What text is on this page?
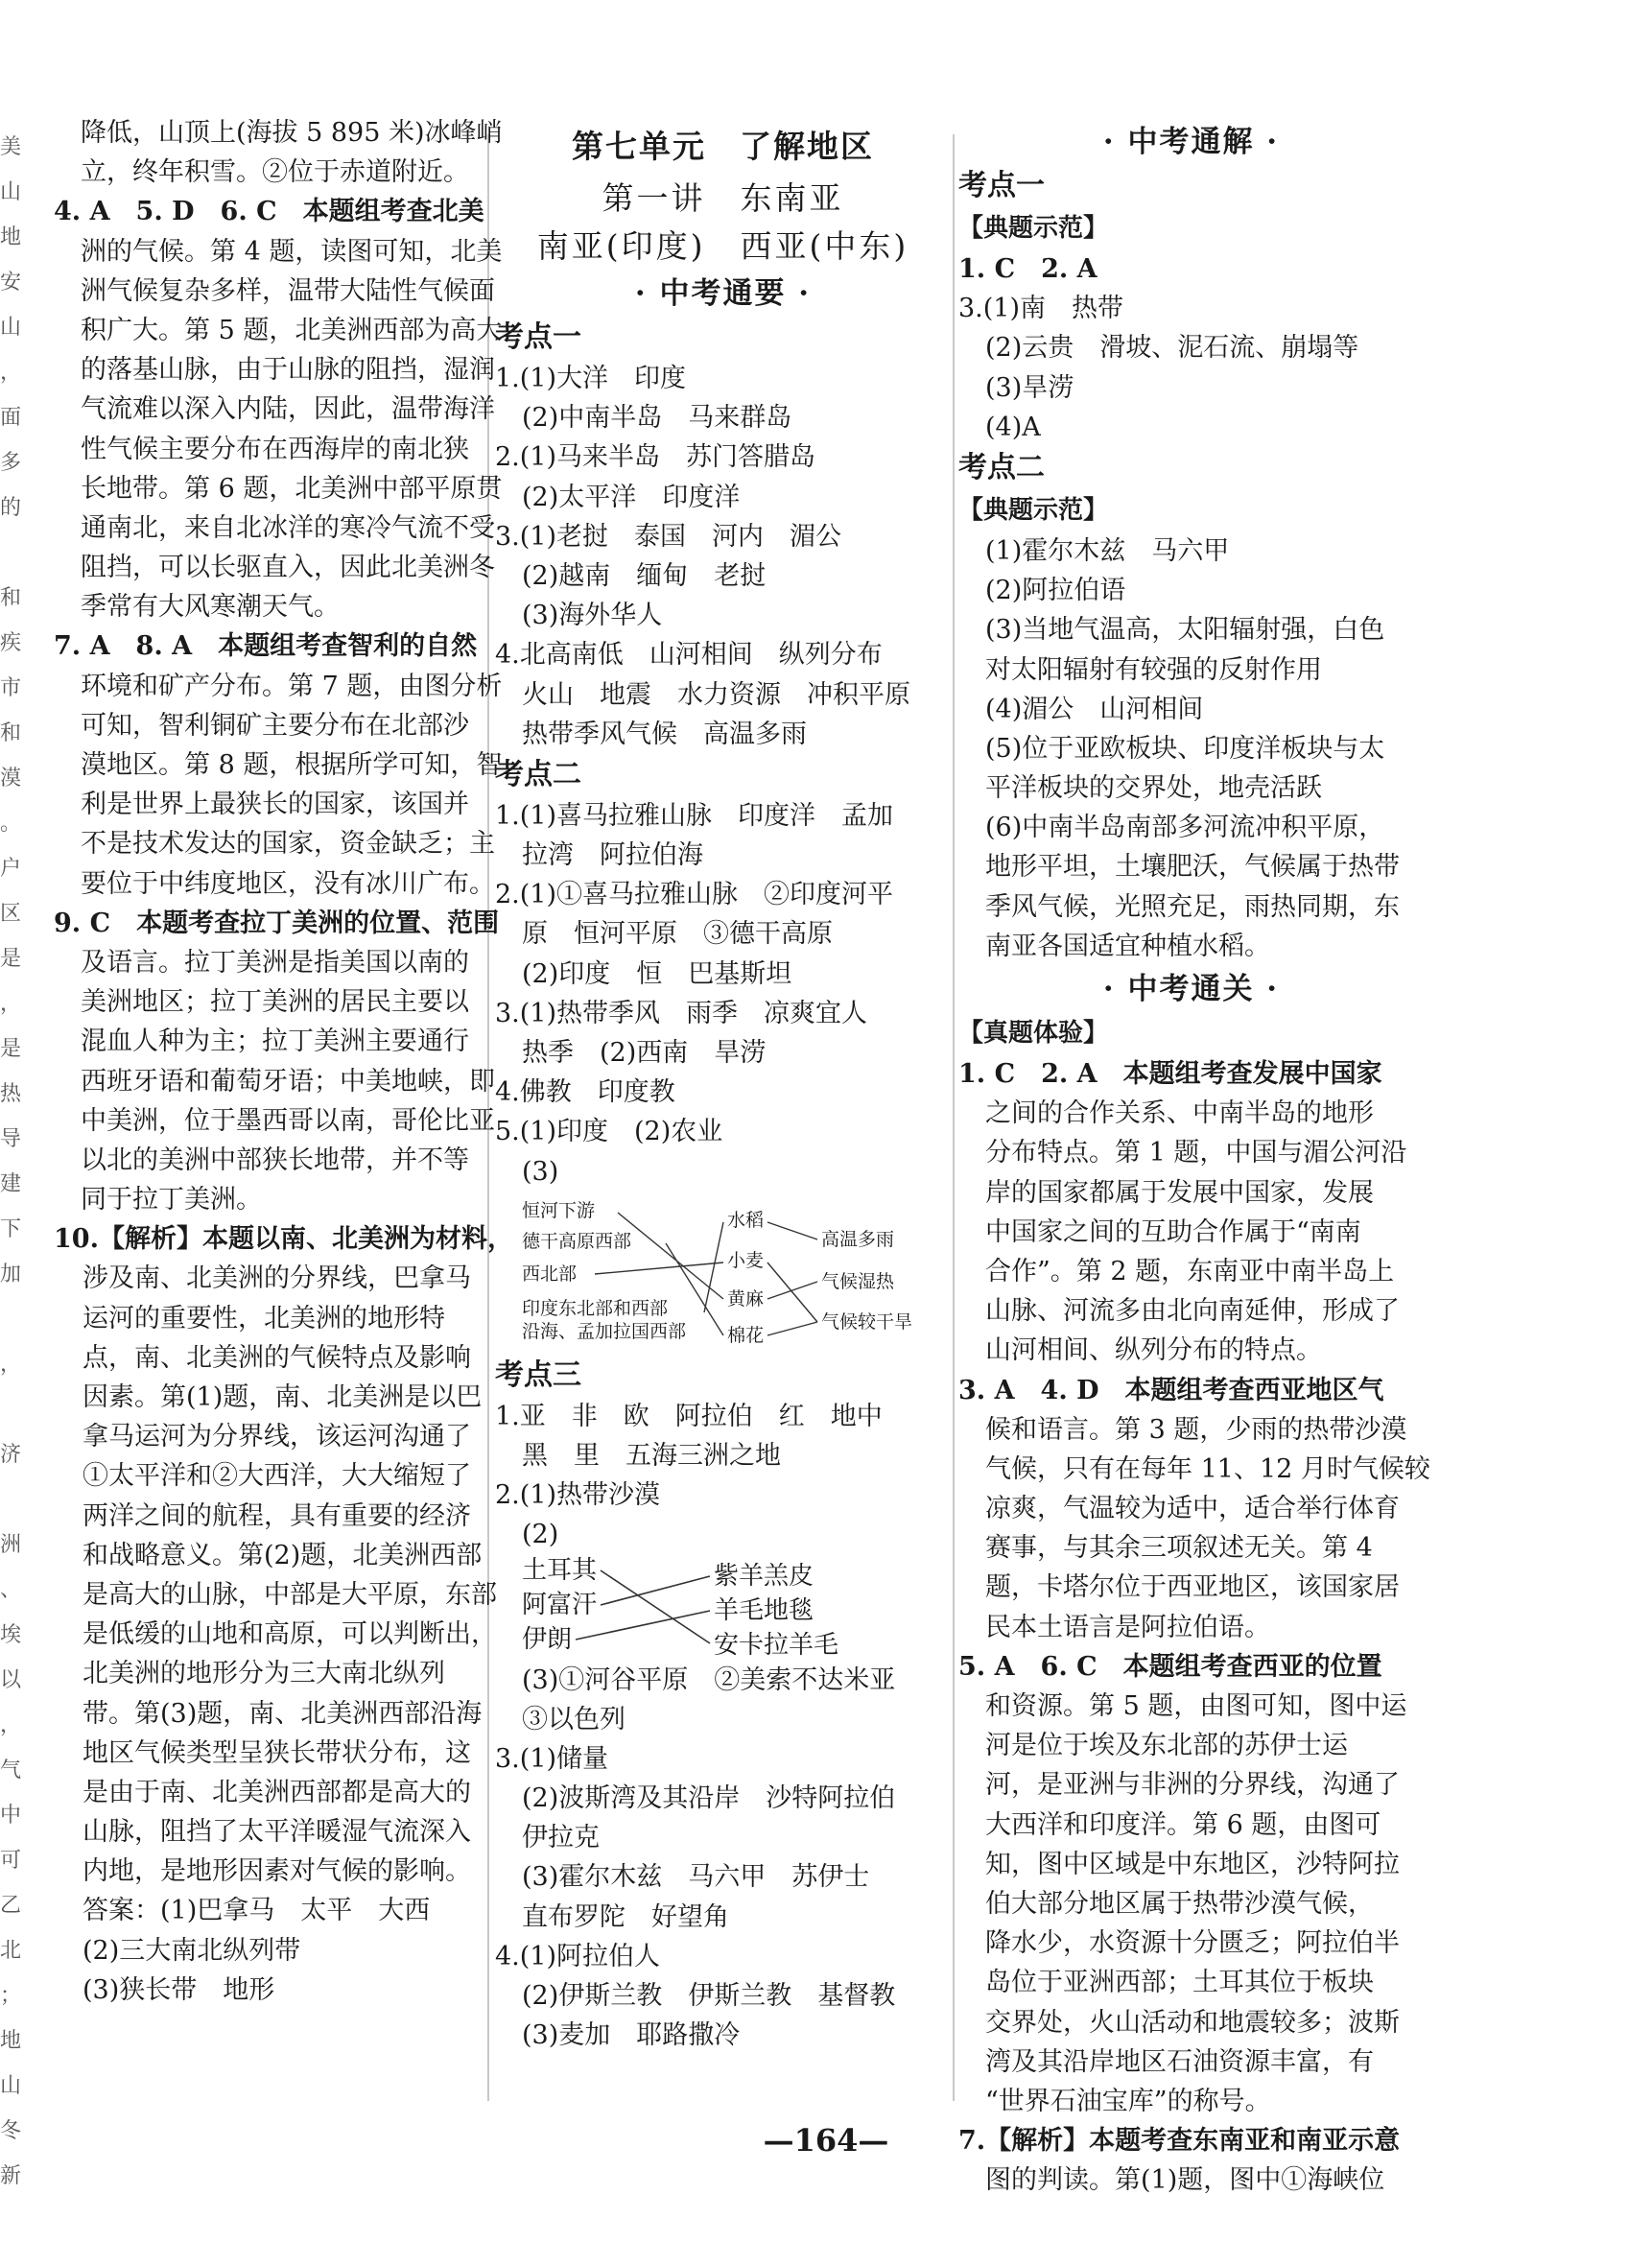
美
山
地
安
山
，
面
多
的
和
疾
市
和
漠
。
户
区
是
，
是
热
导
建
下
加
，
济
洲
、
埃
以
，
气
中
可
乙
北
；
地
山
冬
新
降低，山顶上(海拔 5 895 米)冰峰峭
立，终年积雪。②位于赤道附近。
4. A　5. D　6. C　本题组考查北美
洲的气候。第 4 题，读图可知，北美
洲气候复杂多样，温带大陆性气候面
积广大。第 5 题，北美洲西部为高大
的落基山脉，由于山脉的阻挡，湿润
气流难以深入内陆，因此，温带海洋
性气候主要分布在西海岸的南北狭
长地带。第 6 题，北美洲中部平原贯
通南北，来自北冰洋的寒冷气流不受
阻挡，可以长驱直入，因此北美洲冬
季常有大风寒潮天气。
7. A　8. A　本题组考查智利的自然
环境和矿产分布。第 7 题，由图分析
可知，智利铜矿主要分布在北部沙
漠地区。第 8 题，根据所学可知，智
利是世界上最狭长的国家，该国并
不是技术发达的国家，资金缺乏；主
要位于中纬度地区，没有冰川广布。
9. C　本题考查拉丁美洲的位置、范围
及语言。拉丁美洲是指美国以南的
美洲地区；拉丁美洲的居民主要以
混血人种为主；拉丁美洲主要通行
西班牙语和葡萄牙语；中美地峡，即
中美洲，位于墨西哥以南，哥伦比亚
以北的美洲中部狭长地带，并不等
同于拉丁美洲。
10.【解析】本题以南、北美洲为材料，
涉及南、北美洲的分界线，巴拿马
运河的重要性，北美洲的地形特
点，南、北美洲的气候特点及影响
因素。第(1)题，南、北美洲是以巴
拿马运河为分界线，该运河沟通了
①太平洋和②大西洋，大大缩短了
两洋之间的航程，具有重要的经济
和战略意义。第(2)题，北美洲西部
是高大的山脉，中部是大平原，东部
是低缓的山地和高原，可以判断出，
北美洲的地形分为三大南北纵列
带。第(3)题，南、北美洲西部沿海
地区气候类型呈狭长带状分布，这
是由于南、北美洲西部都是高大的
山脉，阻挡了太平洋暖湿气流深入
内地，是地形因素对气候的影响。
答案：(1)巴拿马　太平　大西
(2)三大南北纵列带
(3)狭长带　地形
第七单元　了解地区
第一讲　东南亚
南亚(印度)　西亚(中东)
· 中考通要 ·
考点一
1.(1)大洋　印度
(2)中南半岛　马来群岛
2.(1)马来半岛　苏门答腊岛
(2)太平洋　印度洋
3.(1)老挝　泰国　河内　湄公
(2)越南　缅甸　老挝
(3)海外华人
4.北高南低　山河相间　纵列分布
火山　地震　水力资源　冲积平原
热带季风气候　高温多雨
考点二
1.(1)喜马拉雅山脉　印度洋　孟加
拉湾　阿拉伯海
2.(1)①喜马拉雅山脉　②印度河平
原　恒河平原　③德干高原
(2)印度　恒　巴基斯坦
3.(1)热带季风　雨季　凉爽宜人
热季　(2)西南　旱涝
4.佛教　印度教
5.(1)印度　(2)农业
(3)
恒河下游
德干高原西部
西北部
印度东北部和西部
沿海、孟加拉国西部
水稻
小麦
黄麻
棉花
高温多雨
气候湿热
气候较干旱
考点三
1.亚　非　欧　阿拉伯　红　地中
黑　里　五海三洲之地
2.(1)热带沙漠
(2)
土耳其
阿富汗
伊朗
紫羊羔皮
羊毛地毯
安卡拉羊毛
(3)①河谷平原　②美索不达米亚
③以色列
3.(1)储量
(2)波斯湾及其沿岸　沙特阿拉伯
伊拉克
(3)霍尔木兹　马六甲　苏伊士
直布罗陀　好望角
4.(1)阿拉伯人
(2)伊斯兰教　伊斯兰教　基督教
(3)麦加　耶路撒冷
· 中考通解 ·
考点一
【典题示范】
1. C　2. A
3.(1)南　热带
(2)云贵　滑坡、泥石流、崩塌等
(3)旱涝
(4)A
考点二
【典题示范】
(1)霍尔木兹　马六甲
(2)阿拉伯语
(3)当地气温高，太阳辐射强，白色
对太阳辐射有较强的反射作用
(4)湄公　山河相间
(5)位于亚欧板块、印度洋板块与太
平洋板块的交界处，地壳活跃
(6)中南半岛南部多河流冲积平原，
地形平坦，土壤肥沃，气候属于热带
季风气候，光照充足，雨热同期，东
南亚各国适宜种植水稻。
· 中考通关 ·
【真题体验】
1. C　2. A　本题组考查发展中国家
之间的合作关系、中南半岛的地形
分布特点。第 1 题，中国与湄公河沿
岸的国家都属于发展中国家，发展
中国家之间的互助合作属于“南南
合作”。第 2 题，东南亚中南半岛上
山脉、河流多由北向南延伸，形成了
山河相间、纵列分布的特点。
3. A　4. D　本题组考查西亚地区气
候和语言。第 3 题，少雨的热带沙漠
气候，只有在每年 11、12 月时气候较
凉爽，气温较为适中，适合举行体育
赛事，与其余三项叙述无关。第 4
题，卡塔尔位于西亚地区，该国家居
民本土语言是阿拉伯语。
5. A　6. C　本题组考查西亚的位置
和资源。第 5 题，由图可知，图中运
河是位于埃及东北部的苏伊士运
河，是亚洲与非洲的分界线，沟通了
大西洋和印度洋。第 6 题，由图可
知，图中区域是中东地区，沙特阿拉
伯大部分地区属于热带沙漠气候，
降水少，水资源十分匮乏；阿拉伯半
岛位于亚洲西部；土耳其位于板块
交界处，火山活动和地震较多；波斯
湾及其沿岸地区石油资源丰富，有
“世界石油宝库”的称号。
7.【解析】本题考查东南亚和南亚示意
图的判读。第(1)题，图中①海峡位
—164—
